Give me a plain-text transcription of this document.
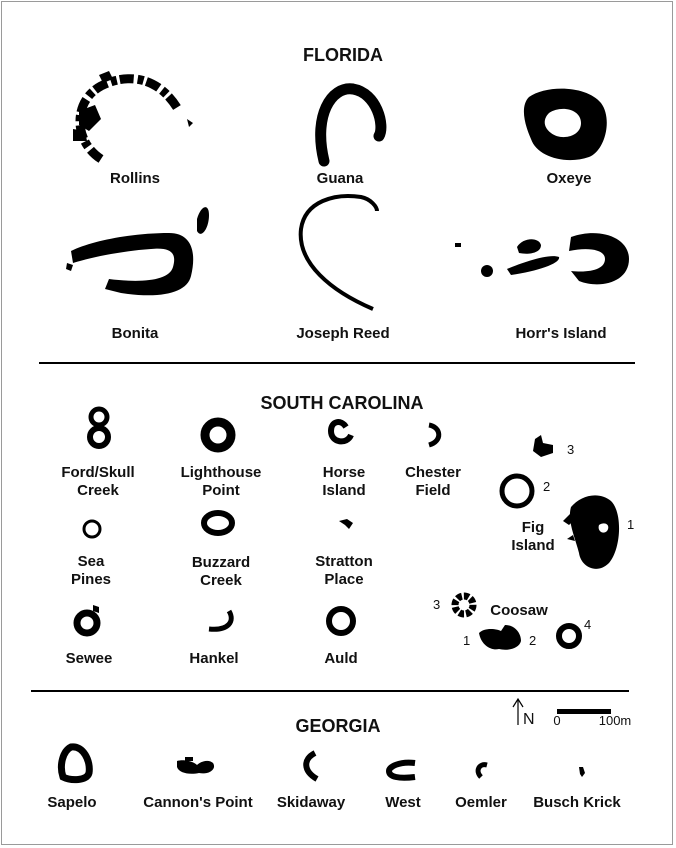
FLORIDA
Rollins	Guana	Oxeye
Bonita	Joseph Reed	Horr's Island
SOUTH CAROLINA
Ford/Skull
Creek
Lighthouse
Point
Horse
Island
Chester
Field
3
2
1
Fig
Island
Sea
Pines
Buzzard
Creek
Stratton
Place
Sewee	Hankel	Auld
3	Coosaw
1	2
4
N 0	100m
GEORGIA
Sapelo	Cannon's Point Skidaway	West Oemler Busch Krick
